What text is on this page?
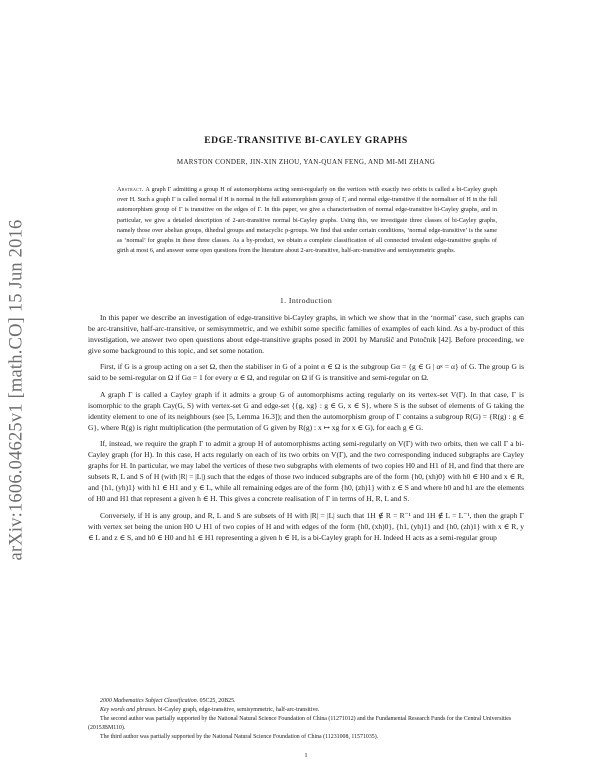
arXiv:1606.04625v1 [math.CO] 15 Jun 2016
EDGE-TRANSITIVE BI-CAYLEY GRAPHS
MARSTON CONDER, JIN-XIN ZHOU, YAN-QUAN FENG, AND MI-MI ZHANG
Abstract. A graph Γ admitting a group H of automorphisms acting semi-regularly on the vertices with exactly two orbits is called a bi-Cayley graph over H. Such a graph Γ is called normal if H is normal in the full automorphism group of Γ, and normal edge-transitive if the normaliser of H in the full automorphism group of Γ is transitive on the edges of Γ. In this paper, we give a characterisation of normal edge-transitive bi-Cayley graphs, and in particular, we give a detailed description of 2-arc-transitive normal bi-Cayley graphs. Using this, we investigate three classes of bi-Cayley graphs, namely those over abelian groups, dihedral groups and metacyclic p-groups. We find that under certain conditions, ‘normal edge-transitive’ is the same as ‘normal’ for graphs in these three classes. As a by-product, we obtain a complete classification of all connected trivalent edge-transitive graphs of girth at most 6, and answer some open questions from the literature about 2-arc-transitive, half-arc-transitive and semisymmetric graphs.
1. Introduction

In this paper we describe an investigation of edge-transitive bi-Cayley graphs, in which we show that in the ‘normal’ case, such graphs can be arc-transitive, half-arc-transitive, or semisymmetric, and we exhibit some specific families of examples of each kind. As a by-product of this investigation, we answer two open questions about edge-transitive graphs posed in 2001 by Marušič and Potočnik [42]. Before proceeding, we give some background to this topic, and set some notation.

First, if G is a group acting on a set Ω, then the stabiliser in G of a point α ∈ Ω is the subgroup Gα = {g ∈ G | αᵍ = α} of G. The group G is said to be semi-regular on Ω if Gα = 1 for every α ∈ Ω, and regular on Ω if G is transitive and semi-regular on Ω.

A graph Γ is called a Cayley graph if it admits a group G of automorphisms acting regularly on its vertex-set V(Γ). In that case, Γ is isomorphic to the graph Cay(G, S) with vertex-set G and edge-set {{g, xg} : g ∈ G, x ∈ S}, where S is the subset of elements of G taking the identity element to one of its neighbours (see [5, Lemma 16.3]); and then the automorphism group of Γ contains a subgroup R(G) = {R(g) : g ∈ G}, where R(g) is right multiplication (the permutation of G given by R(g) : x ↦ xg for x ∈ G), for each g ∈ G.

If, instead, we require the graph Γ to admit a group H of automorphisms acting semi-regularly on V(Γ) with two orbits, then we call Γ a bi-Cayley graph (for H). In this case, H acts regularly on each of its two orbits on V(Γ), and the two corresponding induced subgraphs are Cayley graphs for H. In particular, we may label the vertices of these two subgraphs with elements of two copies H0 and H1 of H, and find that there are subsets R, L and S of H (with |R| = |L|) such that the edges of those two induced subgraphs are of the form {h0, (xh)0} with h0 ∈ H0 and x ∈ R, and {h1, (yh)1} with h1 ∈ H1 and y ∈ L, while all remaining edges are of the form {h0, (zh)1} with z ∈ S and where h0 and h1 are the elements of H0 and H1 that represent a given h ∈ H. This gives a concrete realisation of Γ in terms of H, R, L and S.

Conversely, if H is any group, and R, L and S are subsets of H with |R| = |L| such that 1H ∉ R = R⁻¹ and 1H ∉ L = L⁻¹, then the graph Γ with vertex set being the union H0 ∪ H1 of two copies of H and with edges of the form {h0, (xh)0}, {h1, (yh)1} and {h0, (zh)1} with x ∈ R, y ∈ L and z ∈ S, and h0 ∈ H0 and h1 ∈ H1 representing a given h ∈ H, is a bi-Cayley graph for H. Indeed H acts as a semi-regular group

2000 Mathematics Subject Classification. 05C25, 20B25.

Key words and phrases. bi-Cayley graph, edge-transitive, semisymmetric, half-arc-transitive.

The second author was partially supported by the National Natural Science Foundation of China (11271012) and the Fundamental Research Funds for the Central Universities (2015JBM110).

The third author was partially supported by the National Natural Science Foundation of China (11231008, 11571035).

1
